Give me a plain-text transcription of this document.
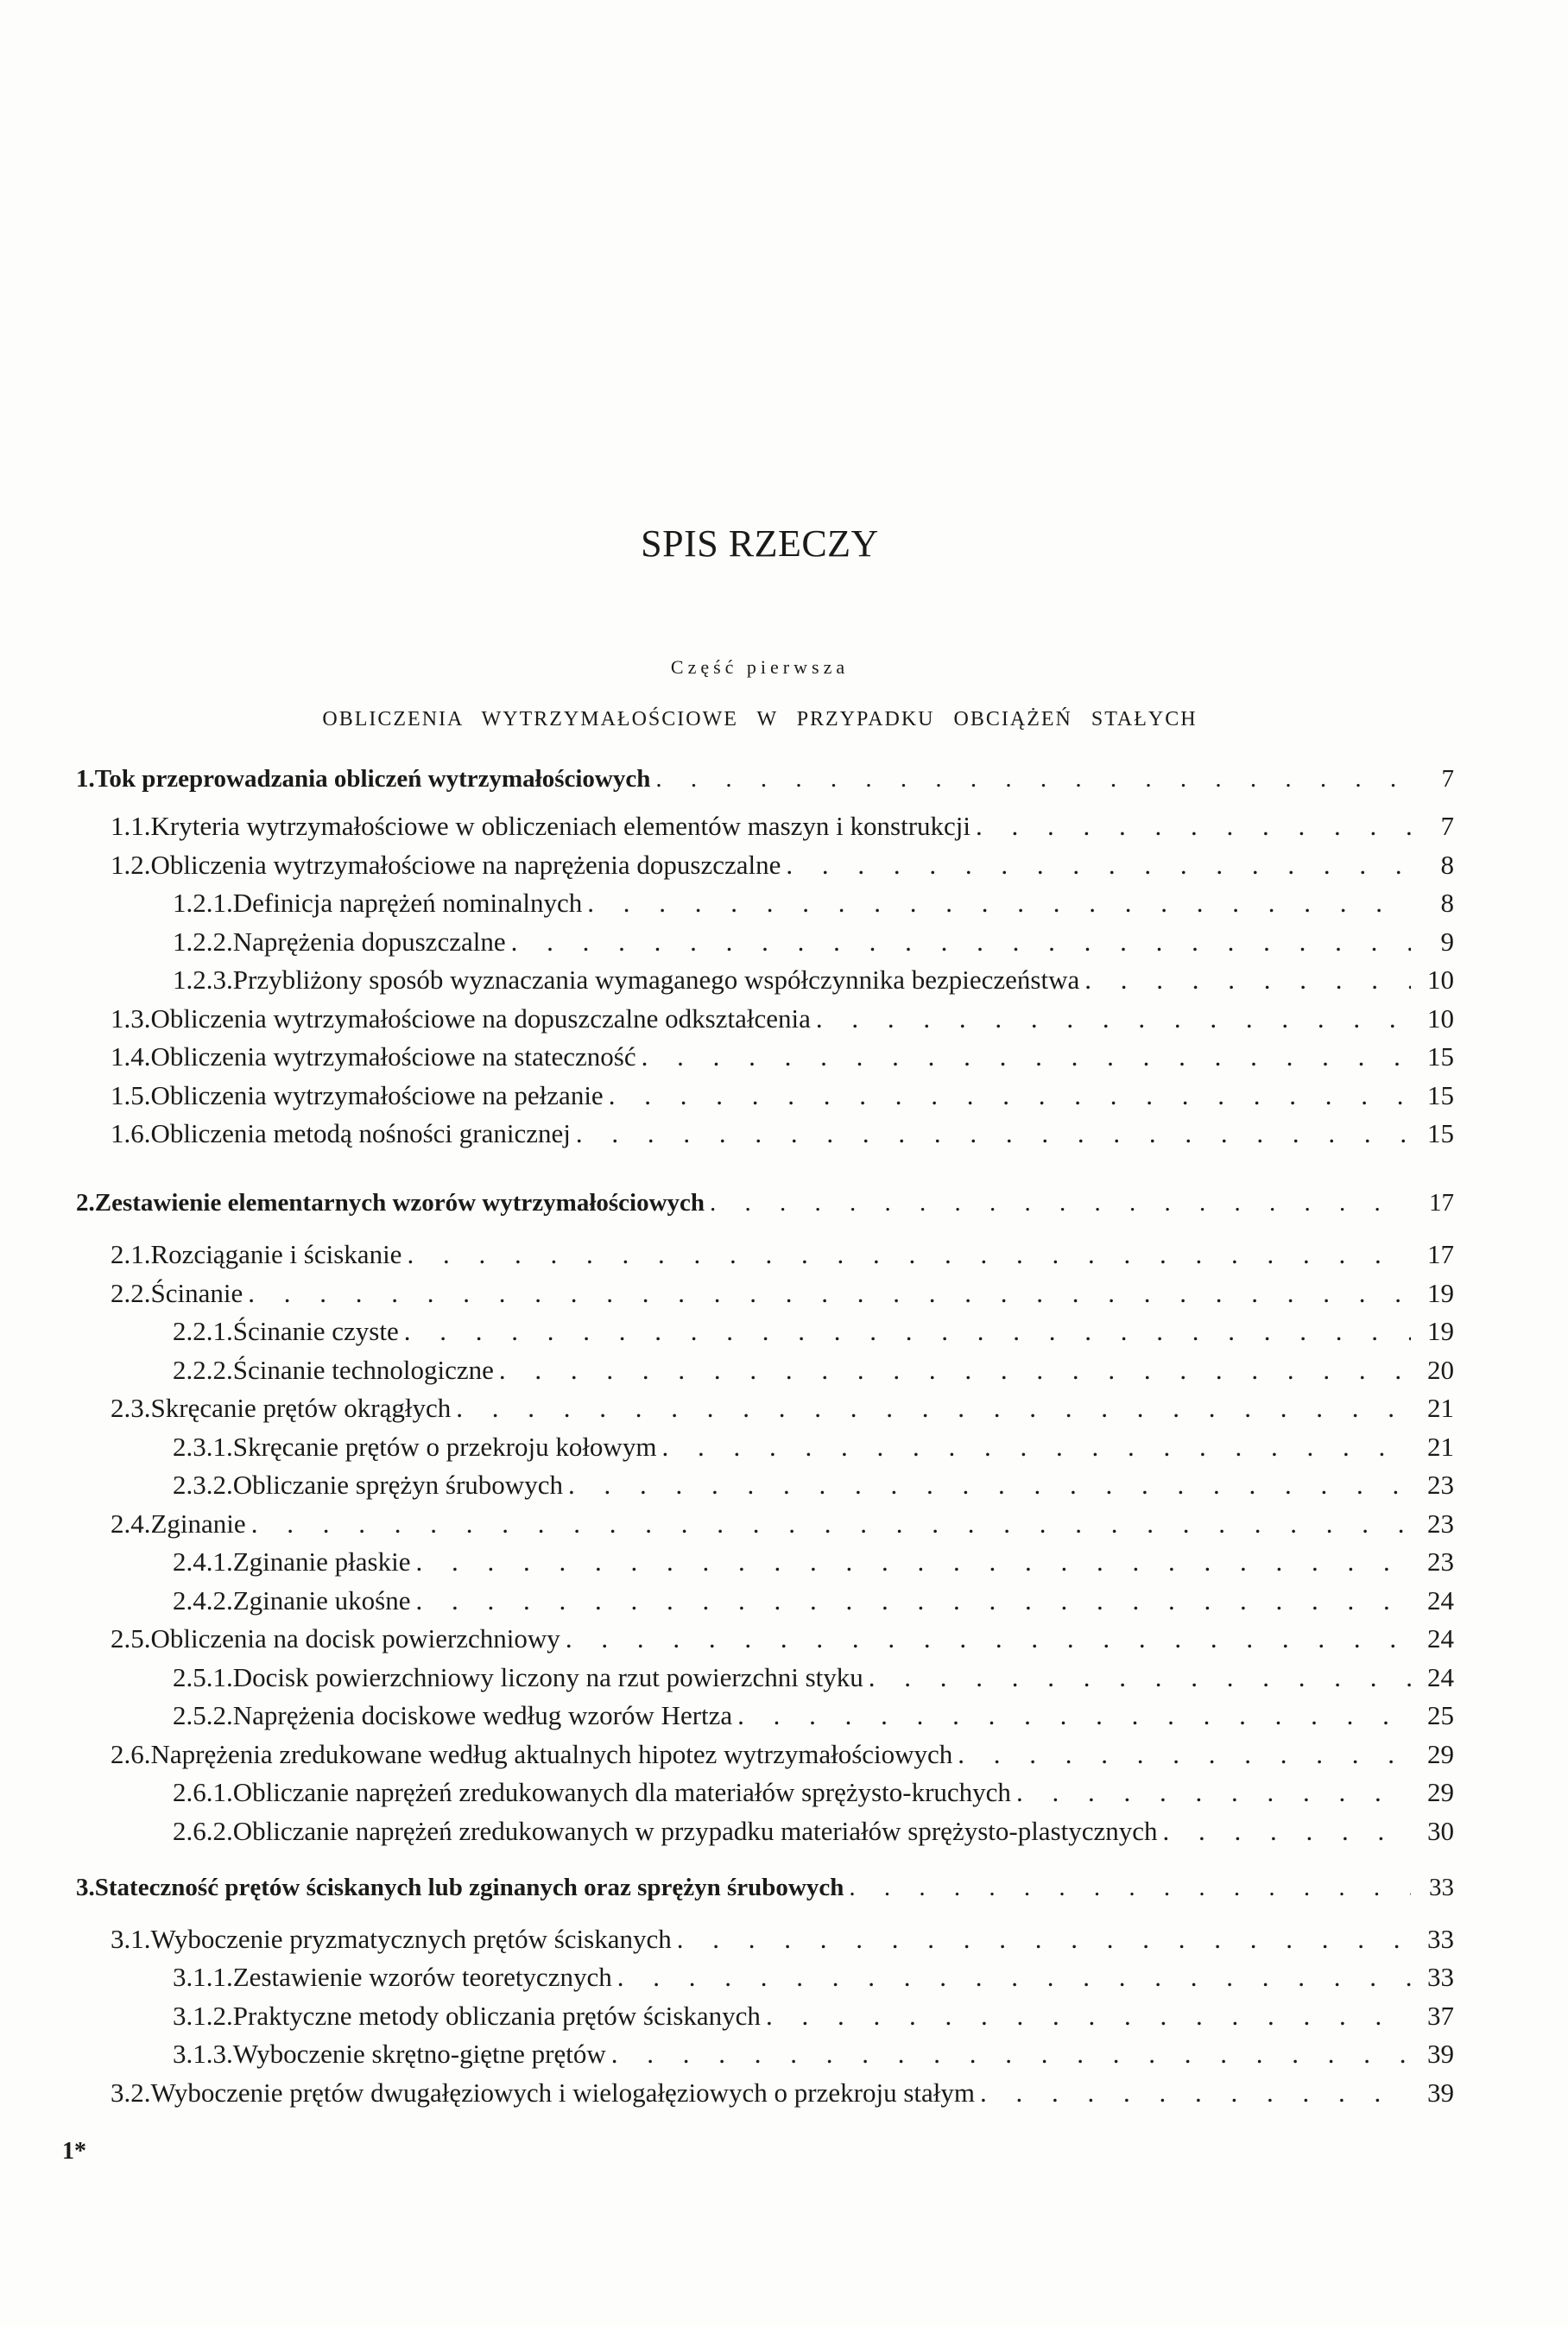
SPIS RZECZY
Część pierwsza
OBLICZENIA WYTRZYMAŁOŚCIOWE W PRZYPADKU OBCIĄŻEŃ STAŁYCH
1. Tok przeprowadzania obliczeń wytrzymałościowych . . .	7
1.1. Kryteria wytrzymałościowe w obliczeniach elementów maszyn i konstrukcji . . .	7
1.2. Obliczenia wytrzymałościowe na naprężenia dopuszczalne . . .	8
1.2.1. Definicja naprężeń nominalnych . . .	8
1.2.2. Naprężenia dopuszczalne . . .	9
1.2.3. Przybliżony sposób wyznaczania wymaganego współczynnika bezpieczeństwa . . .	10
1.3. Obliczenia wytrzymałościowe na dopuszczalne odkształcenia . . .	10
1.4. Obliczenia wytrzymałościowe na stateczność . . .	15
1.5. Obliczenia wytrzymałościowe na pełzanie . . .	15
1.6. Obliczenia metodą nośności granicznej . . .	15
2. Zestawienie elementarnych wzorów wytrzymałościowych . . .	17
2.1. Rozciąganie i ściskanie . . .	17
2.2. Ścinanie . . .	19
2.2.1. Ścinanie czyste . . .	19
2.2.2. Ścinanie technologiczne . . .	20
2.3. Skręcanie prętów okrągłych . . .	21
2.3.1. Skręcanie prętów o przekroju kołowym . . .	21
2.3.2. Obliczanie sprężyn śrubowych . . .	23
2.4. Zginanie . . .	23
2.4.1. Zginanie płaskie . . .	23
2.4.2. Zginanie ukośne . . .	24
2.5. Obliczenia na docisk powierzchniowy . . .	24
2.5.1. Docisk powierzchniowy liczony na rzut powierzchni styku . . .	24
2.5.2. Naprężenia dociskowe według wzorów Hertza . . .	25
2.6. Naprężenia zredukowane według aktualnych hipotez wytrzymałościowych . . .	29
2.6.1. Obliczanie naprężeń zredukowanych dla materiałów sprężysto-kruchych . . .	29
2.6.2. Obliczanie naprężeń zredukowanych w przypadku materiałów sprężysto-plastycznych . . .	30
3. Stateczność prętów ściskanych lub zginanych oraz sprężyn śrubowych . . .	33
3.1. Wyboczenie pryzmatycznych prętów ściskanych . . .	33
3.1.1. Zestawienie wzorów teoretycznych . . .	33
3.1.2. Praktyczne metody obliczania prętów ściskanych . . .	37
3.1.3. Wyboczenie skrętno-giętne prętów . . .	39
3.2. Wyboczenie prętów dwugałęziowych i wielogałęziowych o przekroju stałym . . .	39
1*
